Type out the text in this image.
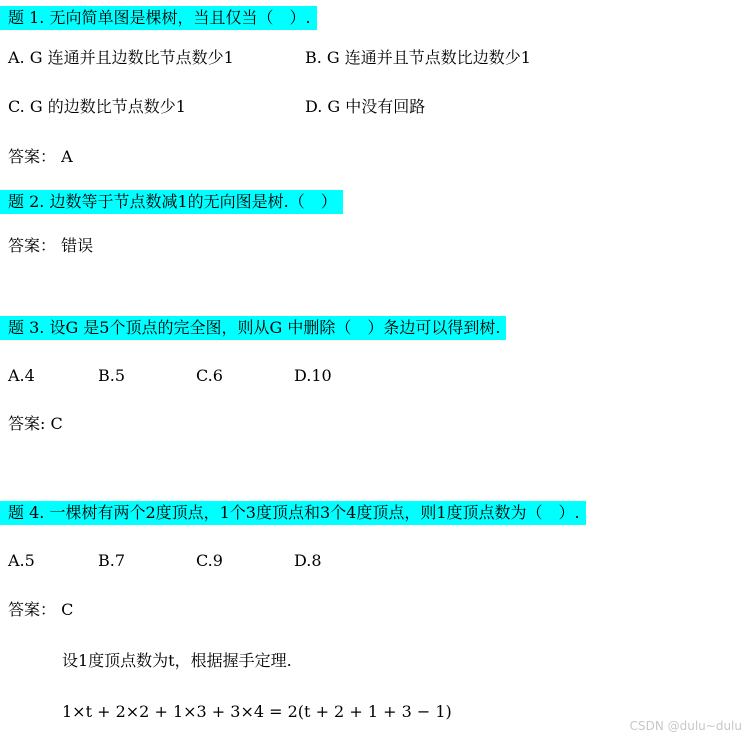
题 1. 无向简单图是棵树，当且仅当（　）.
A. G 连通并且边数比节点数少1	B. G 连通并且节点数比边数少1
C. G 的边数比节点数少1	D. G 中没有回路
答案： A
题 2. 边数等于节点数减1的无向图是树.（　）
答案： 错误
题 3. 设G 是5个顶点的完全图，则从G 中删除（　）条边可以得到树.
A.4	B.5	C.6	D.10
答案: C
题 4. 一棵树有两个2度顶点，1个3度顶点和3个4度顶点，则1度顶点数为（　）.
A.5	B.7	C.9	D.8
答案： C
设1度顶点数为t，根据握手定理.
1×t + 2×2 + 1×3 + 3×4 = 2(t + 2 + 1 + 3 − 1)
CSDN @dulu~dulu
